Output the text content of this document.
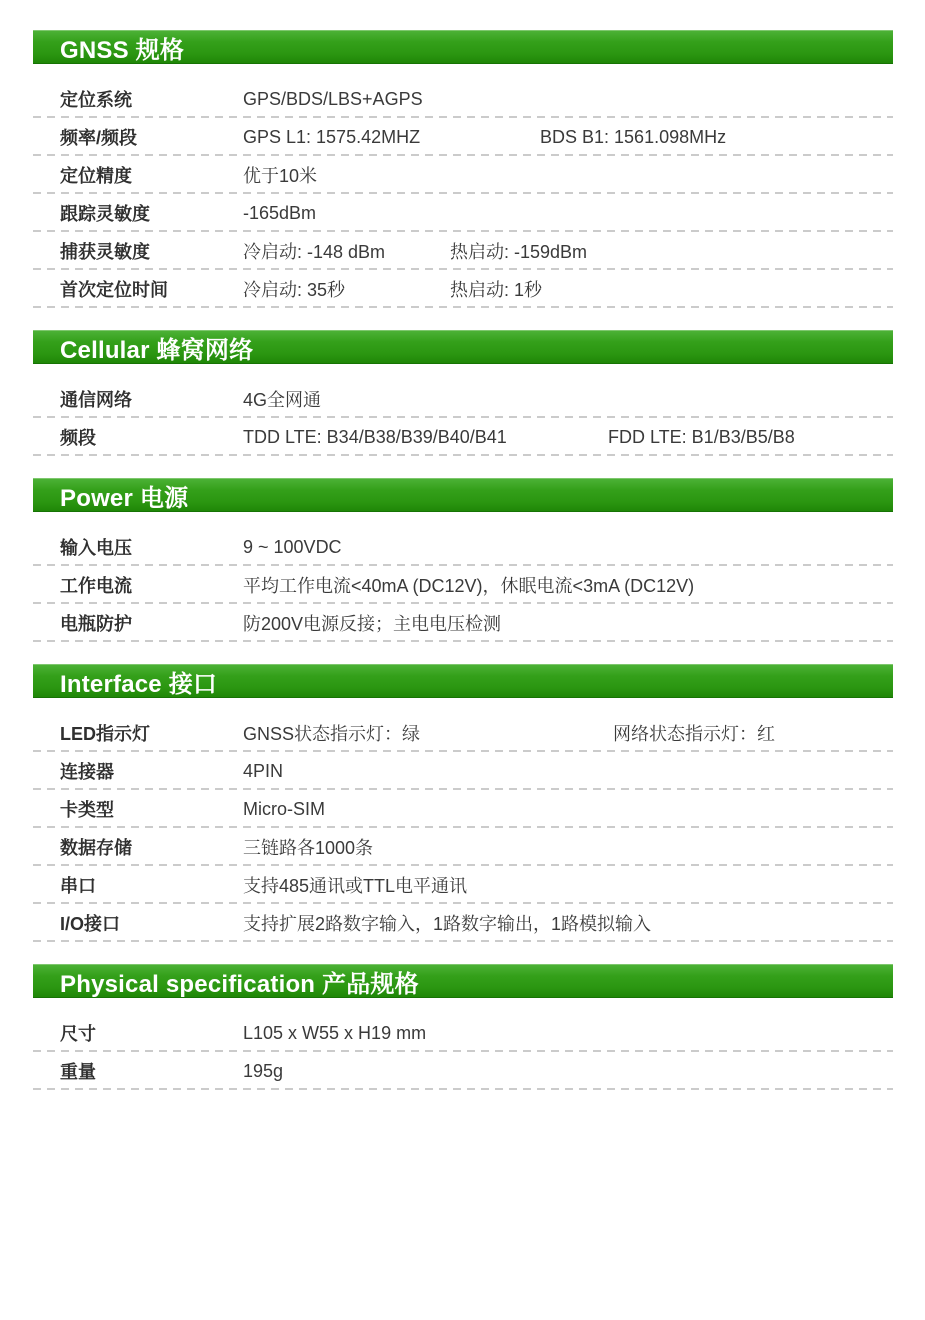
GNSS 规格
定位系统	GPS/BDS/LBS+AGPS
频率/频段	GPS L1: 1575.42MHZ	BDS B1: 1561.098MHz
定位精度	优于10米
跟踪灵敏度	-165dBm
捕获灵敏度	冷启动: -148 dBm	热启动: -159dBm
首次定位时间	冷启动: 35秒	热启动: 1秒
Cellular 蜂窝网络
通信网络	4G全网通
频段	TDD LTE: B34/B38/B39/B40/B41	FDD LTE: B1/B3/B5/B8
Power 电源
输入电压	9 ~ 100VDC
工作电流	平均工作电流<40mA (DC12V)，休眠电流<3mA (DC12V)
电瓶防护	防200V电源反接；主电电压检测
Interface 接口
LED指示灯	GNSS状态指示灯：绿	网络状态指示灯：红
连接器	4PIN
卡类型	Micro-SIM
数据存储	三链路各1000条
串口	支持485通讯或TTL电平通讯
I/O接口	支持扩展2路数字输入，1路数字输出，1路模拟输入
Physical specification 产品规格
尺寸	L105 x W55 x H19 mm
重量	195g
